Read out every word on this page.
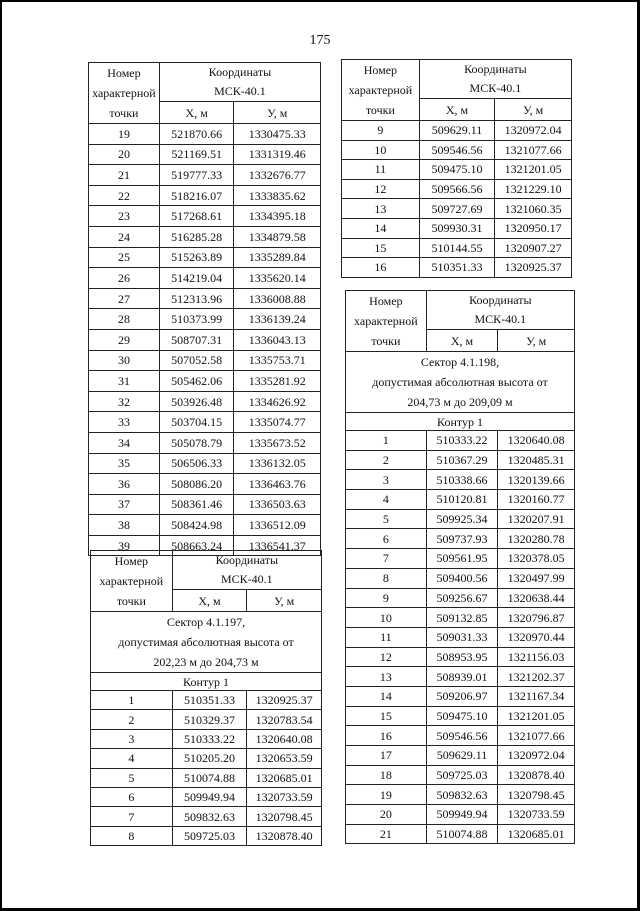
175
Номер
характерной
точки	Координаты
МСК-40.1	
	X, м	У, м
19	521870.66	1330475.33
20	521169.51	1331319.46
21	519777.33	1332676.77
22	518216.07	1333835.62
23	517268.61	1334395.18
24	516285.28	1334879.58
25	515263.89	1335289.84
26	514219.04	1335620.14
27	512313.96	1336008.88
28	510373.99	1336139.24
29	508707.31	1336043.13
30	507052.58	1335753.71
31	505462.06	1335281.92
32	503926.48	1334626.92
33	503704.15	1335074.77
34	505078.79	1335673.52
35	506506.33	1336132.05
36	508086.20	1336463.76
37	508361.46	1336503.63
38	508424.98	1336512.09
39	508663.24	1336541.37
Номер
характерной
точки	Координаты
МСК-40.1	
	X, м	У, м
9	509629.11	1320972.04
10	509546.56	1321077.66
11	509475.10	1321201.05
12	509566.56	1321229.10
13	509727.69	1321060.35
14	509930.31	1320950.17
15	510144.55	1320907.27
16	510351.33	1320925.37
Номер
характерной
точки	Координаты
МСК-40.1	
	X, м	У, м
Сектор 4.1.197,
допустимая абсолютная высота от
202,23 м до 204,73 м		
Контур 1		
1	510351.33	1320925.37
2	510329.37	1320783.54
3	510333.22	1320640.08
4	510205.20	1320653.59
5	510074.88	1320685.01
6	509949.94	1320733.59
7	509832.63	1320798.45
8	509725.03	1320878.40
Номер
характерной
точки	Координаты
МСК-40.1	
	X, м	У, м
Сектор 4.1.198,
допустимая абсолютная высота от
204,73 м до 209,09 м		
Контур 1		
1	510333.22	1320640.08
2	510367.29	1320485.31
3	510338.66	1320139.66
4	510120.81	1320160.77
5	509925.34	1320207.91
6	509737.93	1320280.78
7	509561.95	1320378.05
8	509400.56	1320497.99
9	509256.67	1320638.44
10	509132.85	1320796.87
11	509031.33	1320970.44
12	508953.95	1321156.03
13	508939.01	1321202.37
14	509206.97	1321167.34
15	509475.10	1321201.05
16	509546.56	1321077.66
17	509629.11	1320972.04
18	509725.03	1320878.40
19	509832.63	1320798.45
20	509949.94	1320733.59
21	510074.88	1320685.01
